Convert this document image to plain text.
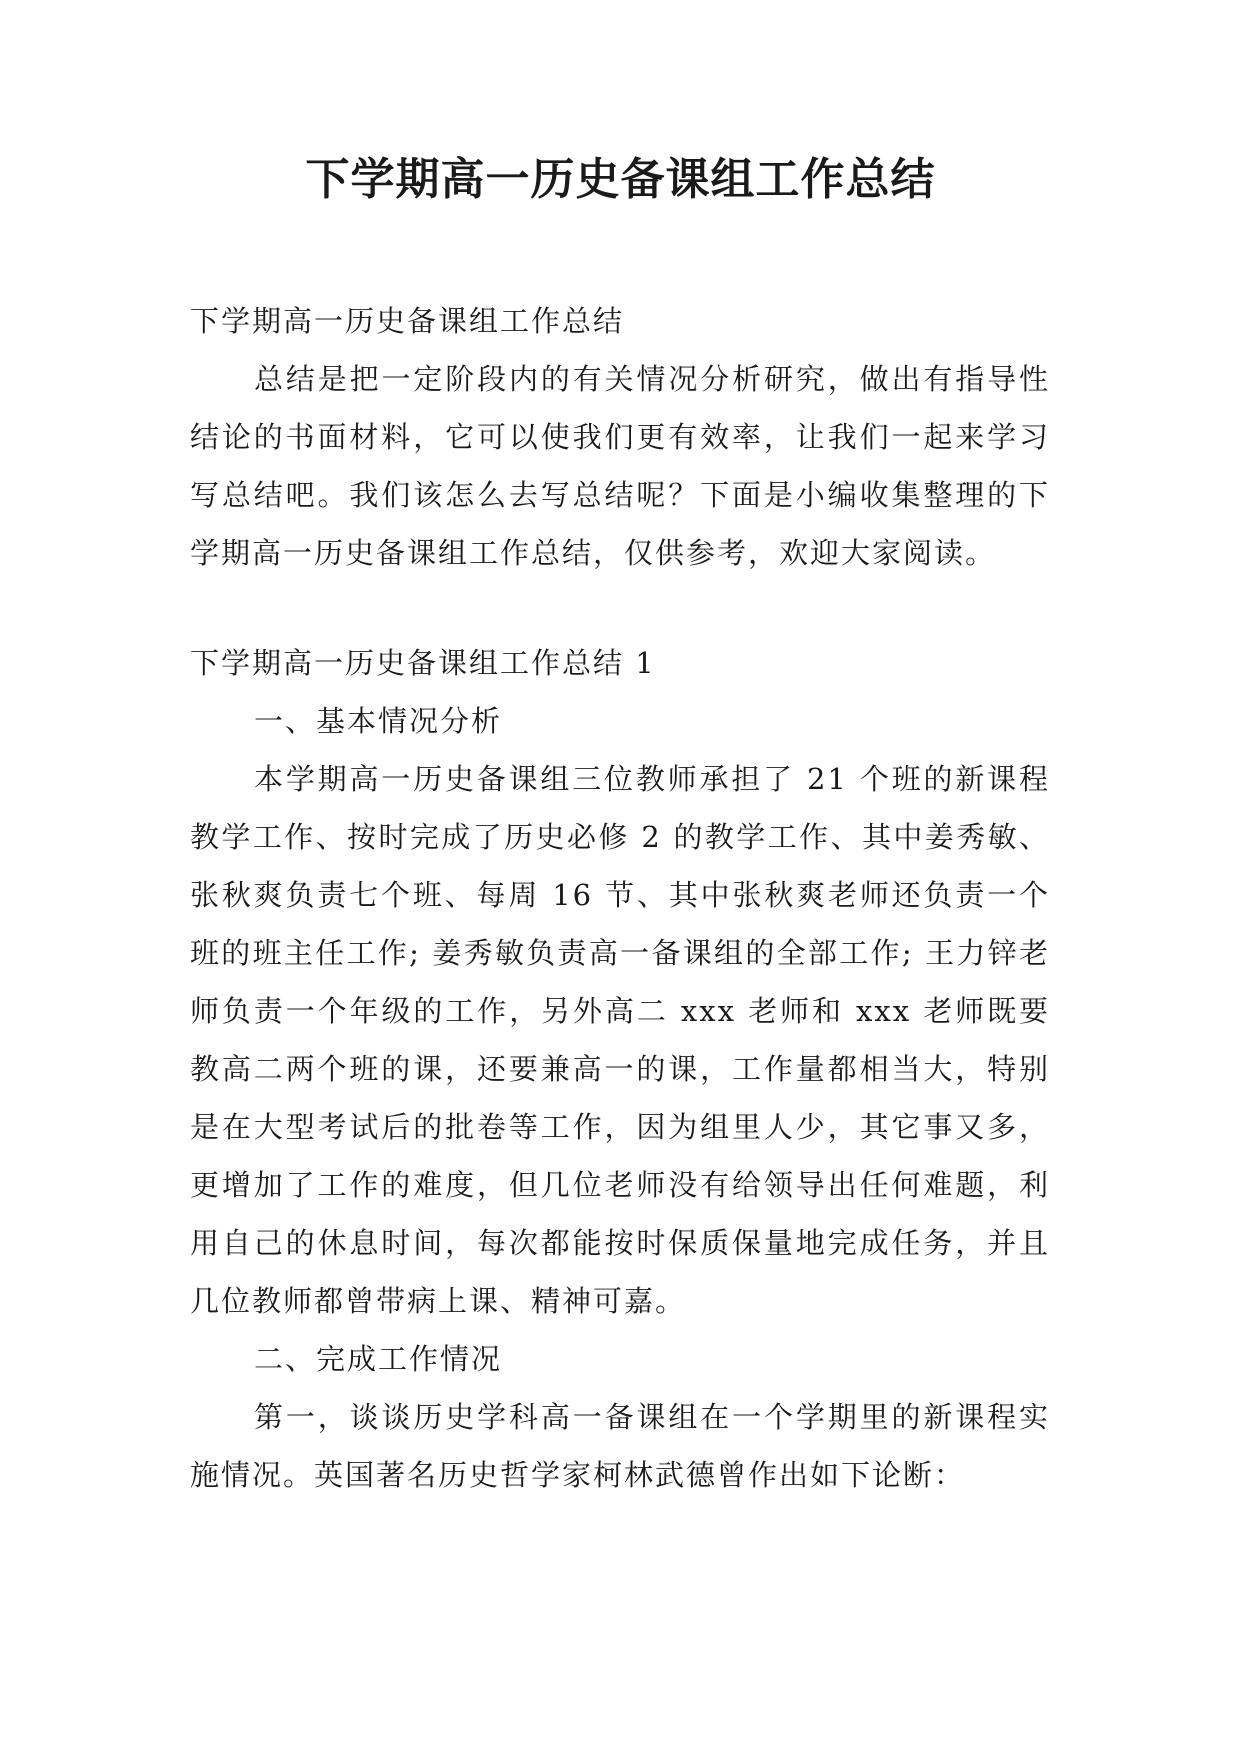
下学期高一历史备课组工作总结

下学期高一历史备课组工作总结

总结是把一定阶段内的有关情况分析研究，做出有指导性结论的书面材料，它可以使我们更有效率，让我们一起来学习写总结吧。我们该怎么去写总结呢？下面是小编收集整理的下学期高一历史备课组工作总结，仅供参考，欢迎大家阅读。

下学期高一历史备课组工作总结 1

一、基本情况分析

本学期高一历史备课组三位教师承担了 21 个班的新课程教学工作、按时完成了历史必修 2 的教学工作、其中姜秀敏、张秋爽负责七个班、每周 16 节、其中张秋爽老师还负责一个班的班主任工作; 姜秀敏负责高一备课组的全部工作; 王力锌老师负责一个年级的工作，另外高二 xxx 老师和 xxx 老师既要教高二两个班的课，还要兼高一的课，工作量都相当大，特别是在大型考试后的批卷等工作，因为组里人少，其它事又多，更增加了工作的难度，但几位老师没有给领导出任何难题，利用自己的休息时间，每次都能按时保质保量地完成任务，并且几位教师都曾带病上课、精神可嘉。

二、完成工作情况

第一，谈谈历史学科高一备课组在一个学期里的新课程实施情况。英国著名历史哲学家柯林武德曾作出如下论断：
